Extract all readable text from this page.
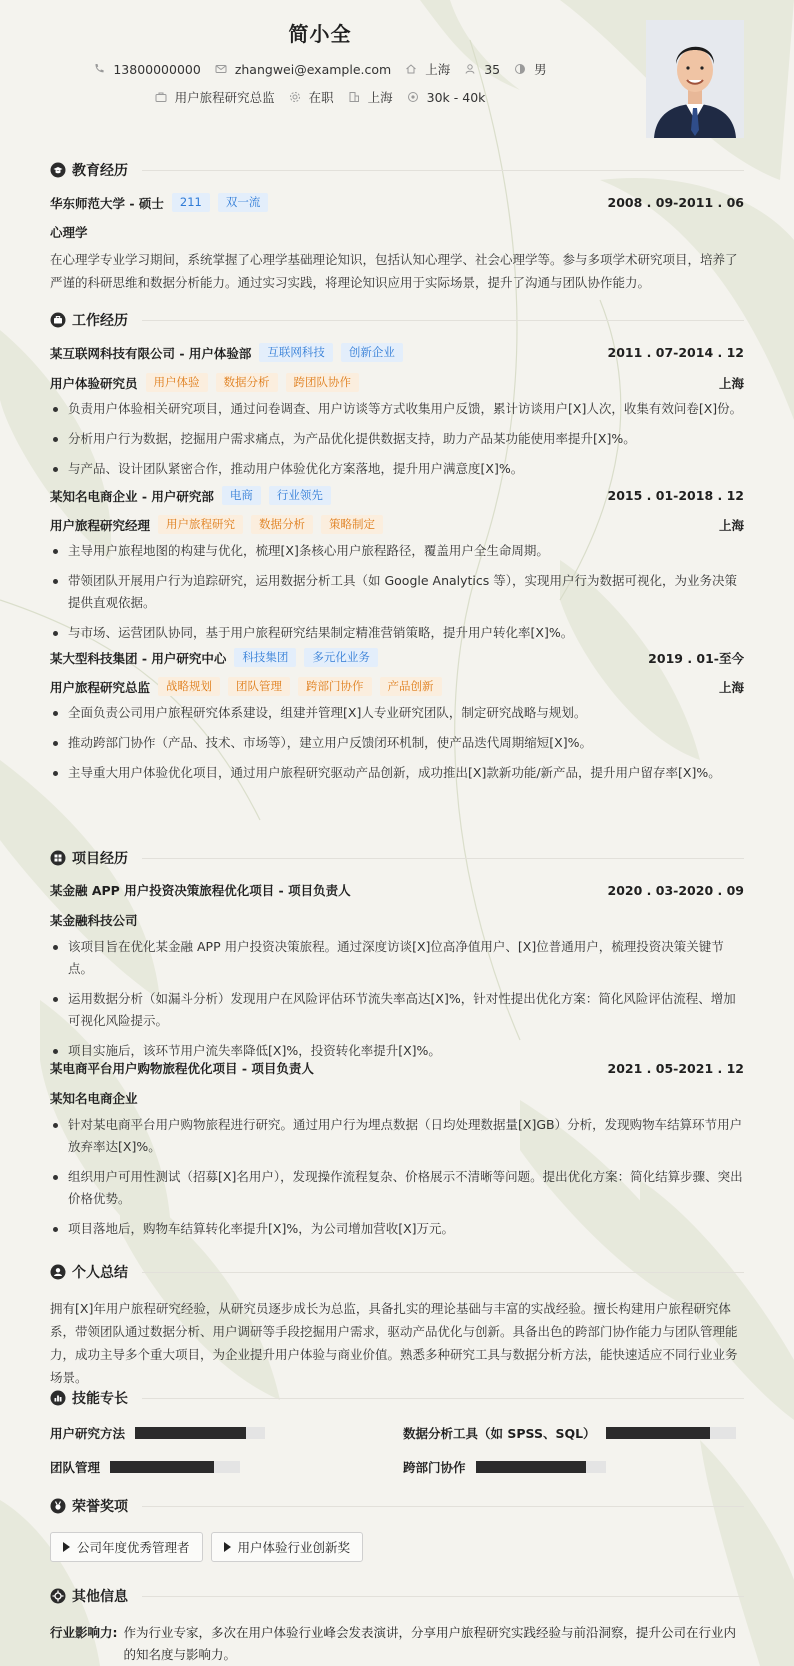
简小全
13800000000	zhangwei@example.com	上海	35	男
用户旅程研究总监	在职	上海	30k - 40k
教育经历
华东师范大学 - 硕士	211	双一流	2008 . 09-2011 . 06
心理学
在心理学专业学习期间，系统掌握了心理学基础理论知识，包括认知心理学、社会心理学等。参与多项学术研究项目，培养了严谨的科研思维和数据分析能力。通过实习实践，将理论知识应用于实际场景，提升了沟通与团队协作能力。
工作经历
某互联网科技有限公司 - 用户体验部	互联网科技	创新企业	2011 . 07-2014 . 12
用户体验研究员	用户体验	数据分析	跨团队协作	上海
负责用户体验相关研究项目，通过问卷调查、用户访谈等方式收集用户反馈，累计访谈用户[X]人次，收集有效问卷[X]份。
分析用户行为数据，挖掘用户需求痛点，为产品优化提供数据支持，助力产品某功能使用率提升[X]%。
与产品、设计团队紧密合作，推动用户体验优化方案落地，提升用户满意度[X]%。
某知名电商企业 - 用户研究部	电商	行业领先	2015 . 01-2018 . 12
用户旅程研究经理	用户旅程研究	数据分析	策略制定	上海
主导用户旅程地图的构建与优化，梳理[X]条核心用户旅程路径，覆盖用户全生命周期。
带领团队开展用户行为追踪研究，运用数据分析工具（如 Google Analytics 等），实现用户行为数据可视化，为业务决策提供直观依据。
与市场、运营团队协同，基于用户旅程研究结果制定精准营销策略，提升用户转化率[X]%。
某大型科技集团 - 用户研究中心	科技集团	多元化业务	2019 . 01-至今
用户旅程研究总监	战略规划	团队管理	跨部门协作	产品创新	上海
全面负责公司用户旅程研究体系建设，组建并管理[X]人专业研究团队，制定研究战略与规划。
推动跨部门协作（产品、技术、市场等），建立用户反馈闭环机制，使产品迭代周期缩短[X]%。
主导重大用户体验优化项目，通过用户旅程研究驱动产品创新，成功推出[X]款新功能/新产品，提升用户留存率[X]%。
项目经历
某金融 APP 用户投资决策旅程优化项目 - 项目负责人	2020 . 03-2020 . 09
某金融科技公司
该项目旨在优化某金融 APP 用户投资决策旅程。通过深度访谈[X]位高净值用户、[X]位普通用户，梳理投资决策关键节点。
运用数据分析（如漏斗分析）发现用户在风险评估环节流失率高达[X]%，针对性提出优化方案：简化风险评估流程、增加可视化风险提示。
项目实施后，该环节用户流失率降低[X]%，投资转化率提升[X]%。
某电商平台用户购物旅程优化项目 - 项目负责人	2021 . 05-2021 . 12
某知名电商企业
针对某电商平台用户购物旅程进行研究。通过用户行为埋点数据（日均处理数据量[X]GB）分析，发现购物车结算环节用户放弃率达[X]%。
组织用户可用性测试（招募[X]名用户），发现操作流程复杂、价格展示不清晰等问题。提出优化方案：简化结算步骤、突出价格优势。
项目落地后，购物车结算转化率提升[X]%，为公司增加营收[X]万元。
个人总结
拥有[X]年用户旅程研究经验，从研究员逐步成长为总监，具备扎实的理论基础与丰富的实战经验。擅长构建用户旅程研究体系，带领团队通过数据分析、用户调研等手段挖掘用户需求，驱动产品优化与创新。具备出色的跨部门协作能力与团队管理能力，成功主导多个重大项目，为企业提升用户体验与商业价值。熟悉多种研究工具与数据分析方法，能快速适应不同行业业务场景。
技能专长
用户研究方法	数据分析工具（如 SPSS、SQL）
团队管理	跨部门协作
荣誉奖项
公司年度优秀管理者	用户体验行业创新奖
其他信息
行业影响力: 作为行业专家，多次在用户体验行业峰会发表演讲，分享用户旅程研究实践经验与前沿洞察，提升公司在行业内的知名度与影响力。
